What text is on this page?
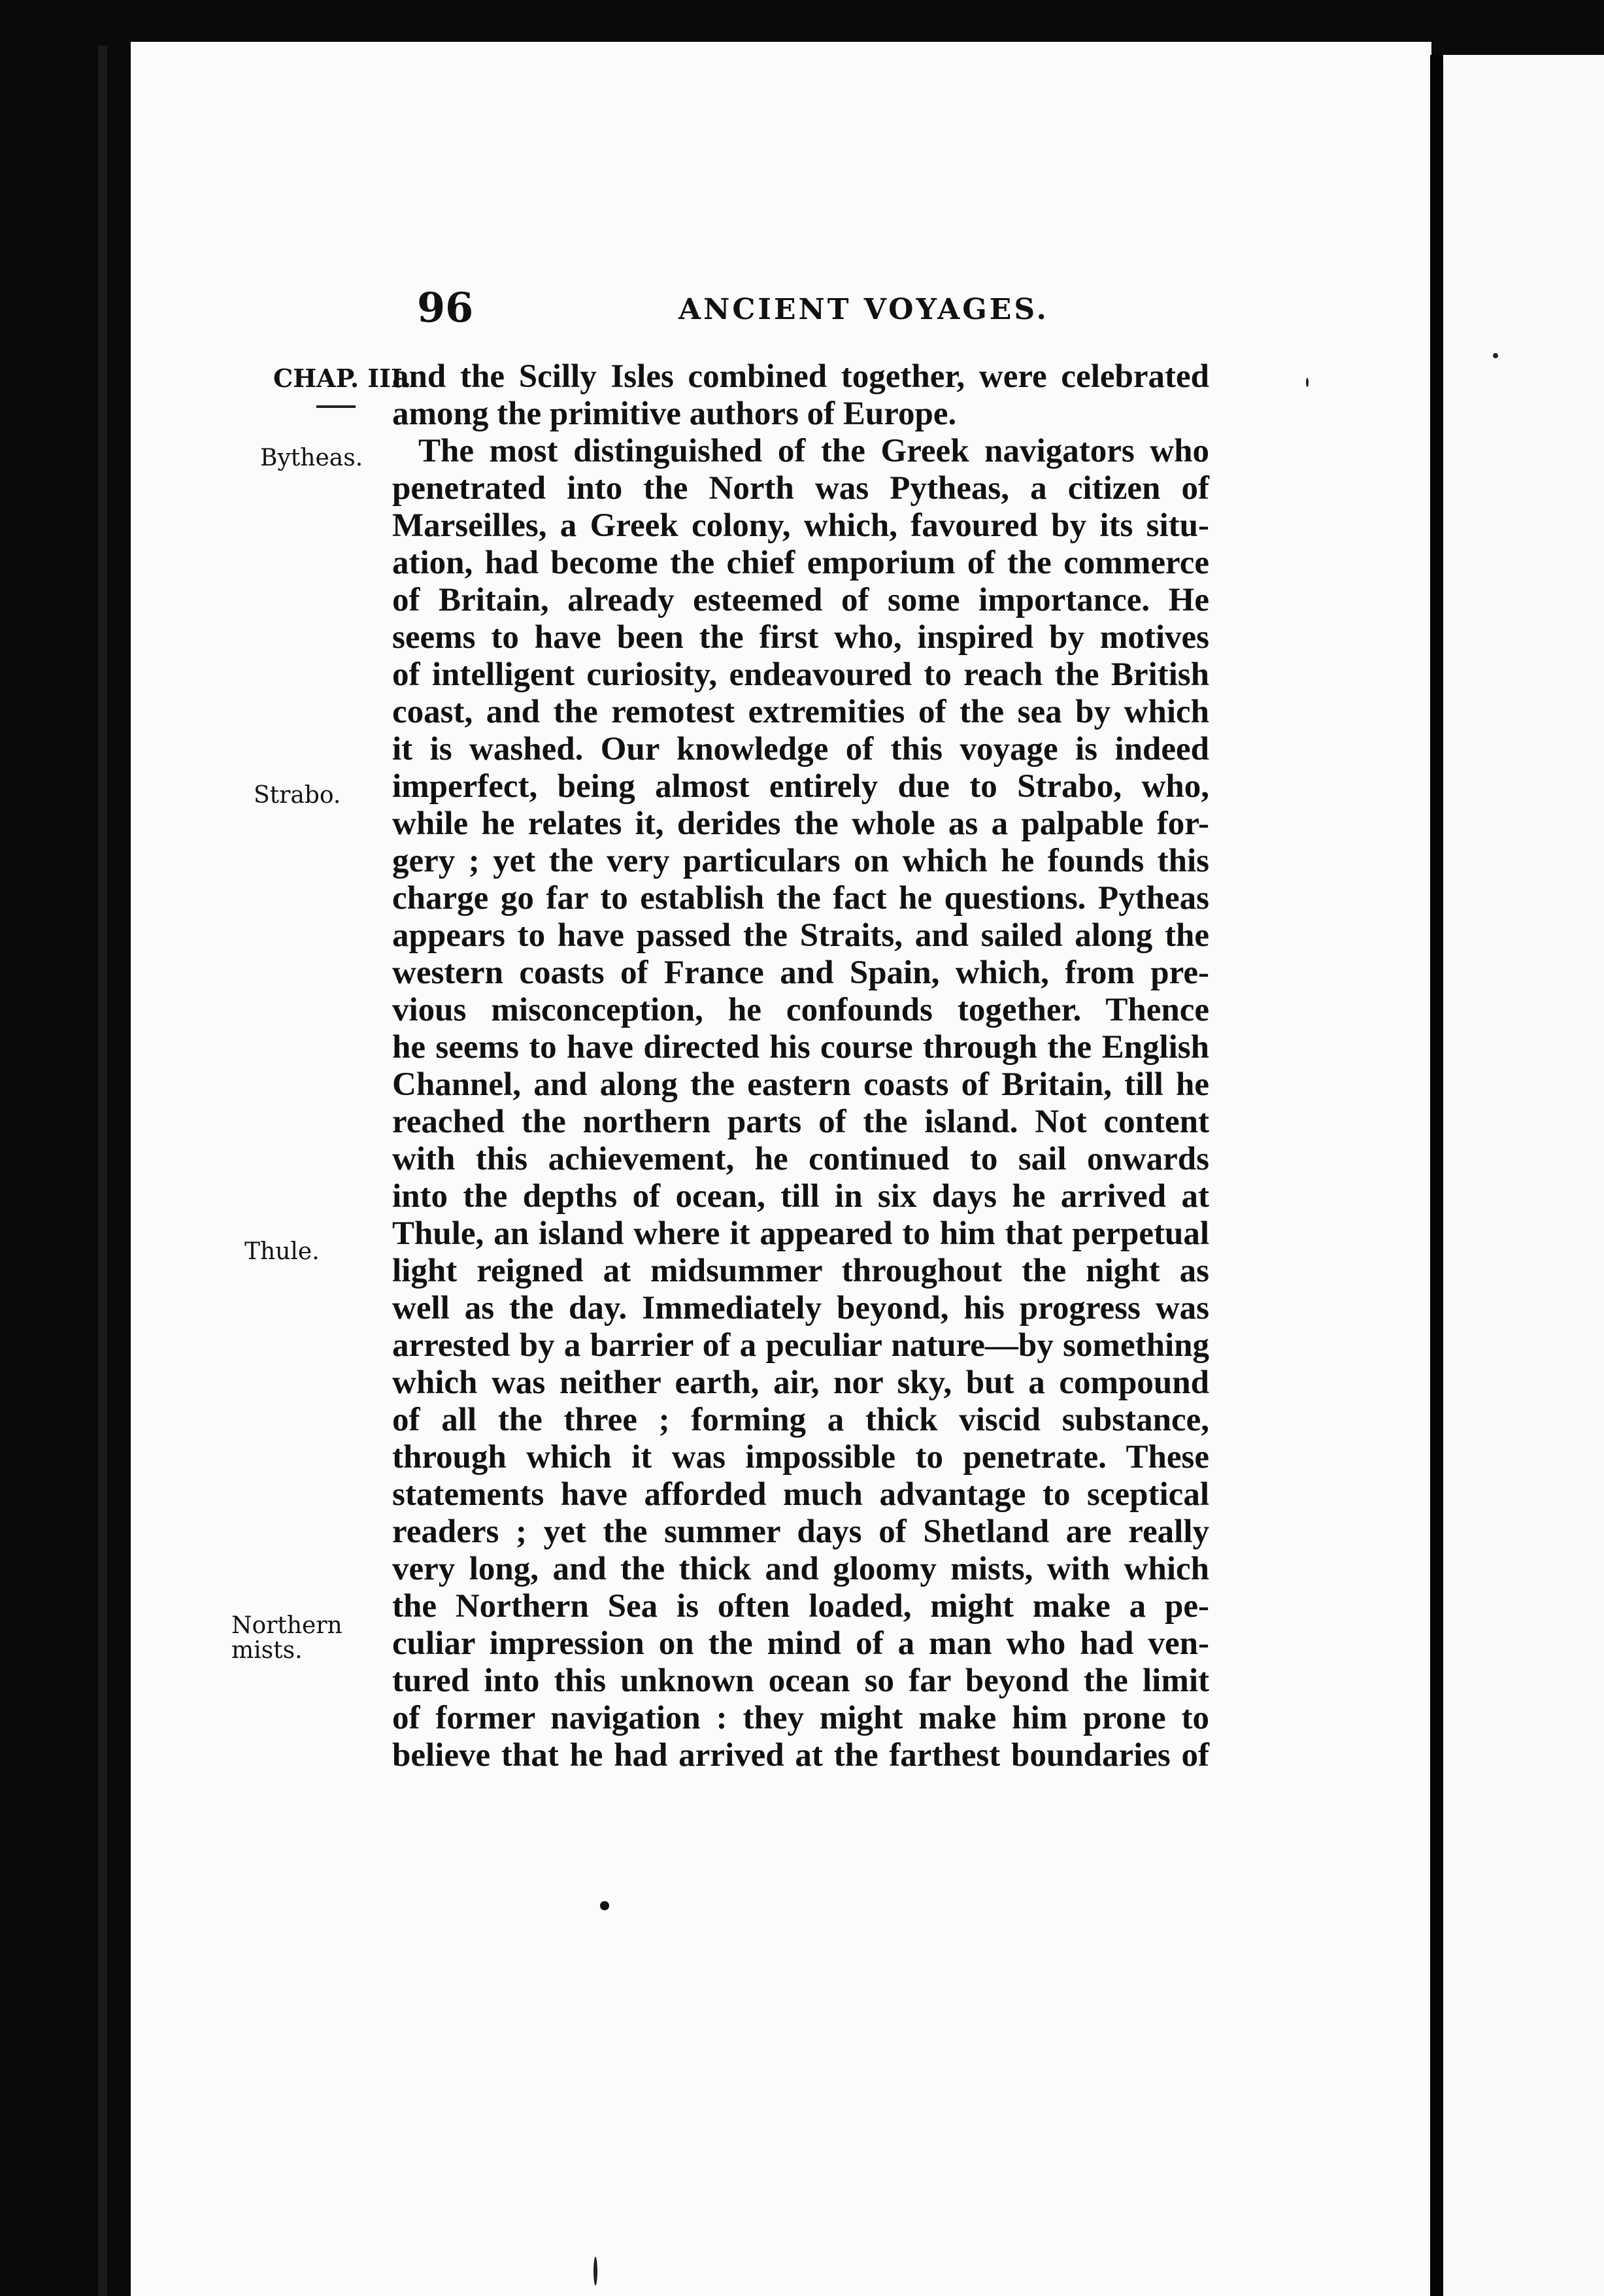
96	ANCIENT VOYAGES.
CHAP. III.
Bytheas.
Strabo.
Thule.
Northern
mists.
and the Scilly Isles combined together, were celebrated
among the primitive authors of Europe.
The most distinguished of the Greek navigators who
penetrated into the North was Pytheas, a citizen of
Marseilles, a Greek colony, which, favoured by its situ-
ation, had become the chief emporium of the commerce
of Britain, already esteemed of some importance. He
seems to have been the first who, inspired by motives
of intelligent curiosity, endeavoured to reach the British
coast, and the remotest extremities of the sea by which
it is washed. Our knowledge of this voyage is indeed
imperfect, being almost entirely due to Strabo, who,
while he relates it, derides the whole as a palpable for-
gery ; yet the very particulars on which he founds this
charge go far to establish the fact he questions. Pytheas
appears to have passed the Straits, and sailed along the
western coasts of France and Spain, which, from pre-
vious misconception, he confounds together. Thence
he seems to have directed his course through the English
Channel, and along the eastern coasts of Britain, till he
reached the northern parts of the island. Not content
with this achievement, he continued to sail onwards
into the depths of ocean, till in six days he arrived at
Thule, an island where it appeared to him that perpetual
light reigned at midsummer throughout the night as
well as the day. Immediately beyond, his progress was
arrested by a barrier of a peculiar nature—by something
which was neither earth, air, nor sky, but a compound
of all the three ; forming a thick viscid substance,
through which it was impossible to penetrate. These
statements have afforded much advantage to sceptical
readers ; yet the summer days of Shetland are really
very long, and the thick and gloomy mists, with which
the Northern Sea is often loaded, might make a pe-
culiar impression on the mind of a man who had ven-
tured into this unknown ocean so far beyond the limit
of former navigation : they might make him prone to
believe that he had arrived at the farthest boundaries of
